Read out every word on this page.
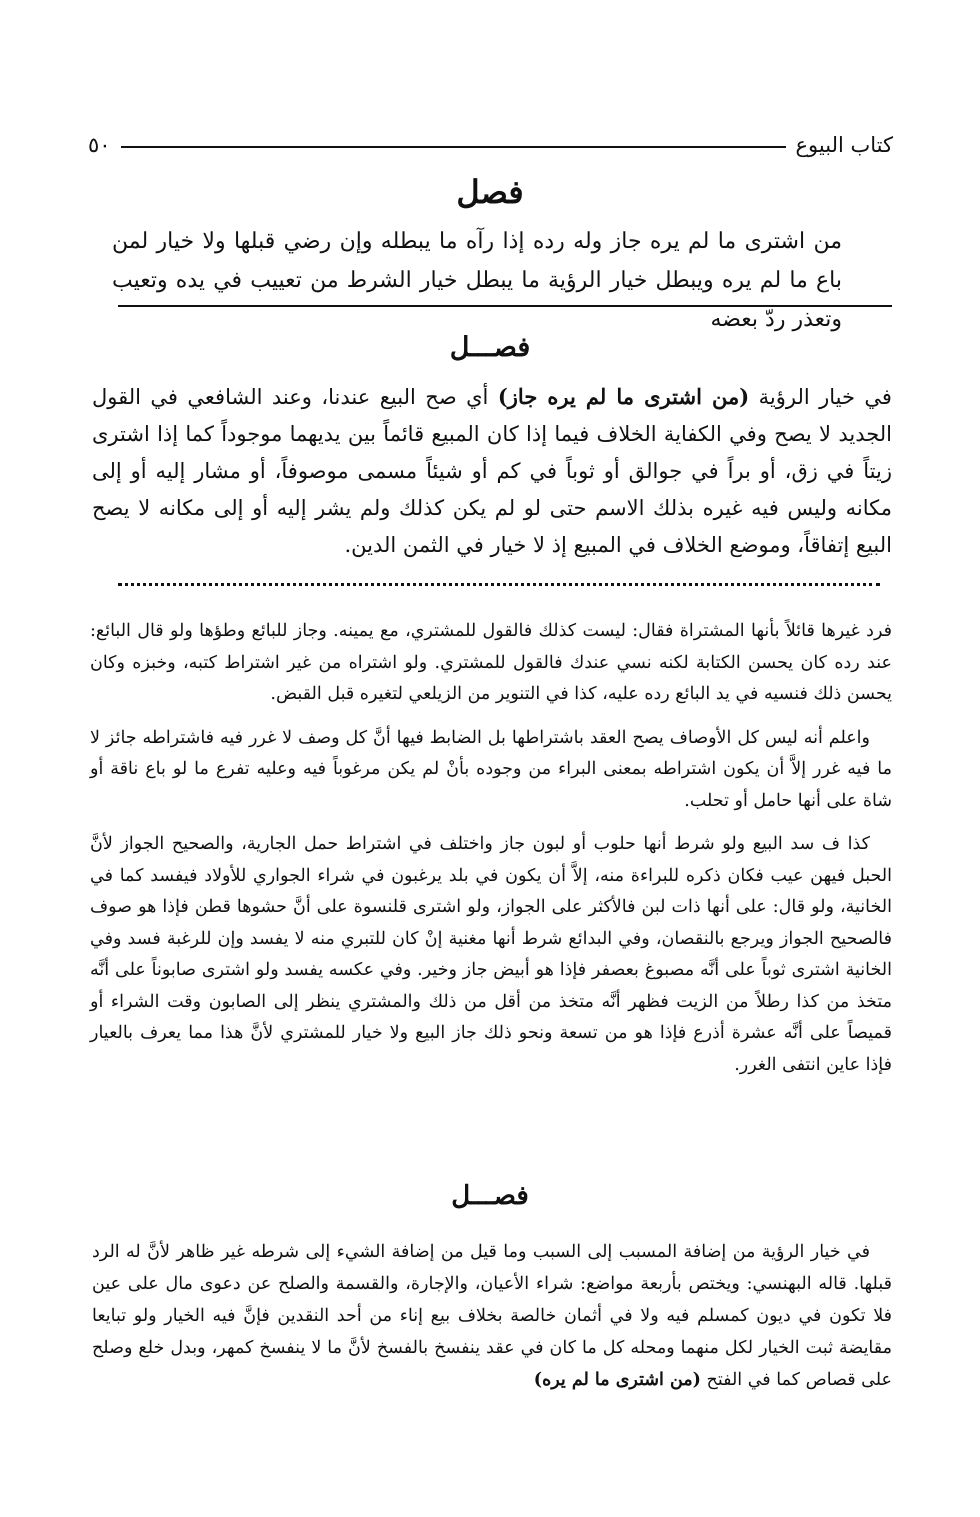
كتاب البيوع
٥٠
فصل
من اشترى ما لم يره جاز وله رده إذا رآه ما يبطله وإن رضي قبلها ولا خيار لمن باع ما لم يره ويبطل خيار الرؤية ما يبطل خيار الشرط من تعييب في يده وتعيب وتعذر ردّ بعضه
فصـــل
في خيار الرؤية (من اشترى ما لم يره جاز) أي صح البيع عندنا، وعند الشافعي في القول الجديد لا يصح وفي الكفاية الخلاف فيما إذا كان المبيع قائماً بين يديهما موجوداً كما إذا اشترى زيتاً في زق، أو براً في جوالق أو ثوباً في كم أو شيئاً مسمى موصوفاً، أو مشار إليه أو إلى مكانه وليس فيه غيره بذلك الاسم حتى لو لم يكن كذلك ولم يشر إليه أو إلى مكانه لا يصح البيع إتفاقاً، وموضع الخلاف في المبيع إذ لا خيار في الثمن الدين.

فرد غيرها قائلاً بأنها المشتراة فقال: ليست كذلك فالقول للمشتري، مع يمينه. وجاز للبائع وطؤها ولو قال البائع: عند رده كان يحسن الكتابة لكنه نسي عندك فالقول للمشتري. ولو اشتراه من غير اشتراط كتبه، وخبزه وكان يحسن ذلك فنسيه في يد البائع رده عليه، كذا في التنوير من الزيلعي لتغيره قبل القبض.

واعلم أنه ليس كل الأوصاف يصح العقد باشتراطها بل الضابط فيها أنَّ كل وصف لا غرر فيه فاشتراطه جائز لا ما فيه غرر إلاَّ أن يكون اشتراطه بمعنى البراء من وجوده بأنْ لم يكن مرغوباً فيه وعليه تفرع ما لو باع ناقة أو شاة على أنها حامل أو تحلب.

كذا ف سد البيع ولو شرط أنها حلوب أو لبون جاز واختلف في اشتراط حمل الجارية، والصحيح الجواز لأنَّ الحبل فيهن عيب فكان ذكره للبراءة منه، إلاَّ أن يكون في بلد يرغبون في شراء الجواري للأولاد فيفسد كما في الخانية، ولو قال: على أنها ذات لبن فالأكثر على الجواز، ولو اشترى قلنسوة على أنَّ حشوها قطن فإذا هو صوف فالصحيح الجواز ويرجع بالنقصان، وفي البدائع شرط أنها مغنية إنْ كان للتبري منه لا يفسد وإن للرغبة فسد وفي الخانية اشترى ثوباً على أنَّه مصبوغ بعصفر فإذا هو أبيض جاز وخير. وفي عكسه يفسد ولو اشترى صابوناً على أنَّه متخذ من كذا رطلاً من الزيت فظهر أنَّه متخذ من أقل من ذلك والمشتري ينظر إلى الصابون وقت الشراء أو قميصاً على أنَّه عشرة أذرع فإذا هو من تسعة ونحو ذلك جاز البيع ولا خيار للمشتري لأنَّ هذا مما يعرف بالعيار فإذا عاين انتفى الغرر.

فصـــل
في خيار الرؤية من إضافة المسبب إلى السبب وما قيل من إضافة الشيء إلى شرطه غير ظاهر لأنَّ له الرد قبلها. قاله البهنسي: ويختص بأربعة مواضع: شراء الأعيان، والإجارة، والقسمة والصلح عن دعوى مال على عين فلا تكون في ديون كمسلم فيه ولا في أثمان خالصة بخلاف بيع إناء من أحد النقدين فإنَّ فيه الخيار ولو تبايعا مقايضة ثبت الخيار لكل منهما ومحله كل ما كان في عقد ينفسخ بالفسخ لأنَّ ما لا ينفسخ كمهر، وبدل خلع وصلح على قصاص كما في الفتح (من اشترى ما لم يره)
